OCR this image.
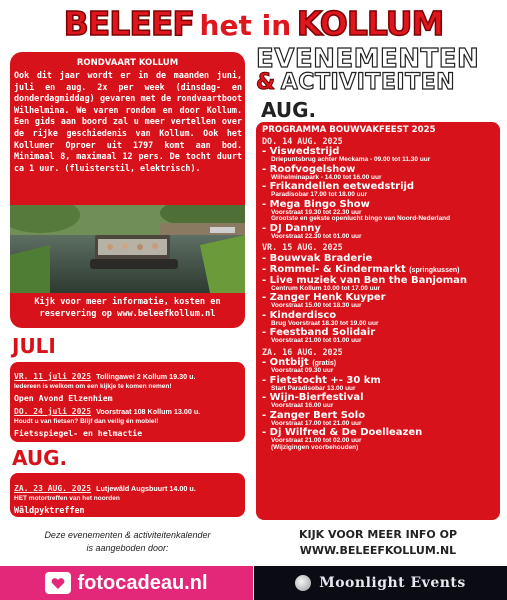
BELEEF het in KOLLUM
EVENEMENTEN
& ACTIVITEITEN
RONDVAART KOLLUM
Ook dit jaar wordt er in de maanden juni, juli en aug. 2x per week (dinsdag- en donderdagmiddag) gevaren met de rondvaartboot Wilhelmina. We varen rondom en door Kollum. Een gids aan boord zal u meer vertellen over de rijke geschiedenis van Kollum. Ook het Kollumer Oproer uit 1797 komt aan bod. Minimaal 8, maximaal 12 pers. De tocht duurt ca 1 uur. (fluisterstil, elektrisch).
Kijk voor meer informatie, kosten en
reservering op www.beleefkollum.nl
JULI
VR. 11 juli 2025 Tollingawei 2 Kollum 19.30 u.
Iedereen is welkom om een kijkje te komen nemen!
Open Avond Elzenhiem
DO. 24 juli 2025 Voorstraat 108 Kollum 13.00 u.
Houdt u van fietsen? Blijf dan veilig én mobiel!
Fietsspiegel- en helmactie
AUG.
ZA. 23 AUG. 2025 Lutjewâld Augsbuurt 14.00 u.
HET motortreffen van het noorden
Wâldpyktreffen
AUG.
PROGRAMMA BOUWVAKFEEST 2025
DO. 14 AUG. 2025
- Viswedstrijd
Driepuntsbrug achter Meckama - 09.00 tot 11.30 uur
- Roofvogelshow
Wilhelminapark - 14.00 tot 16.00 uur
- Frikandellen eetwedstrijd
Paradisobar 17.00 tot 18.00 uur
- Mega Bingo Show
Voorstraat 19.30 tot 22.30 uur
Grootste en gekste openlucht bingo van Noord-Nederland
- DJ Danny
Voorstraat 22.30 tot 01.00 uur
VR. 15 AUG. 2025
- Bouwvak Braderie
- Rommel- & Kindermarkt (springkussen)
- Live muziek van Ben the Banjoman
Centrum Kollum 10.00 tot 17.00 uur
- Zanger Henk Kuyper
Voorstraat 15.00 tot 18.30 uur
- Kinderdisco
Brug Voorstraat 18.30 tot 19.00 uur
- Feestband Solidair
Voorstraat 21.00 tot 01.00 uur
ZA. 16 AUG. 2025
- Ontbijt (gratis)
Voorstraat 09.30 uur
- Fietstocht +- 30 km
Start Paradisobar 13.00 uur
- Wijn-Bierfestival
Voorstraat 16.00 uur
- Zanger Bert Solo
Voorstraat 17.00 tot 21.00 uur
- Dj Wilfred & De Doelleazen
Voorstraat 21.00 tot 02.00 uur
(Wijzigingen voorbehouden)
Deze evenementen & activiteitenkalender
is aangeboden door:
KIJK VOOR MEER INFO OP
WWW.BELEEFKOLLUM.NL
fotocadeau.nl	Moonlight Events
